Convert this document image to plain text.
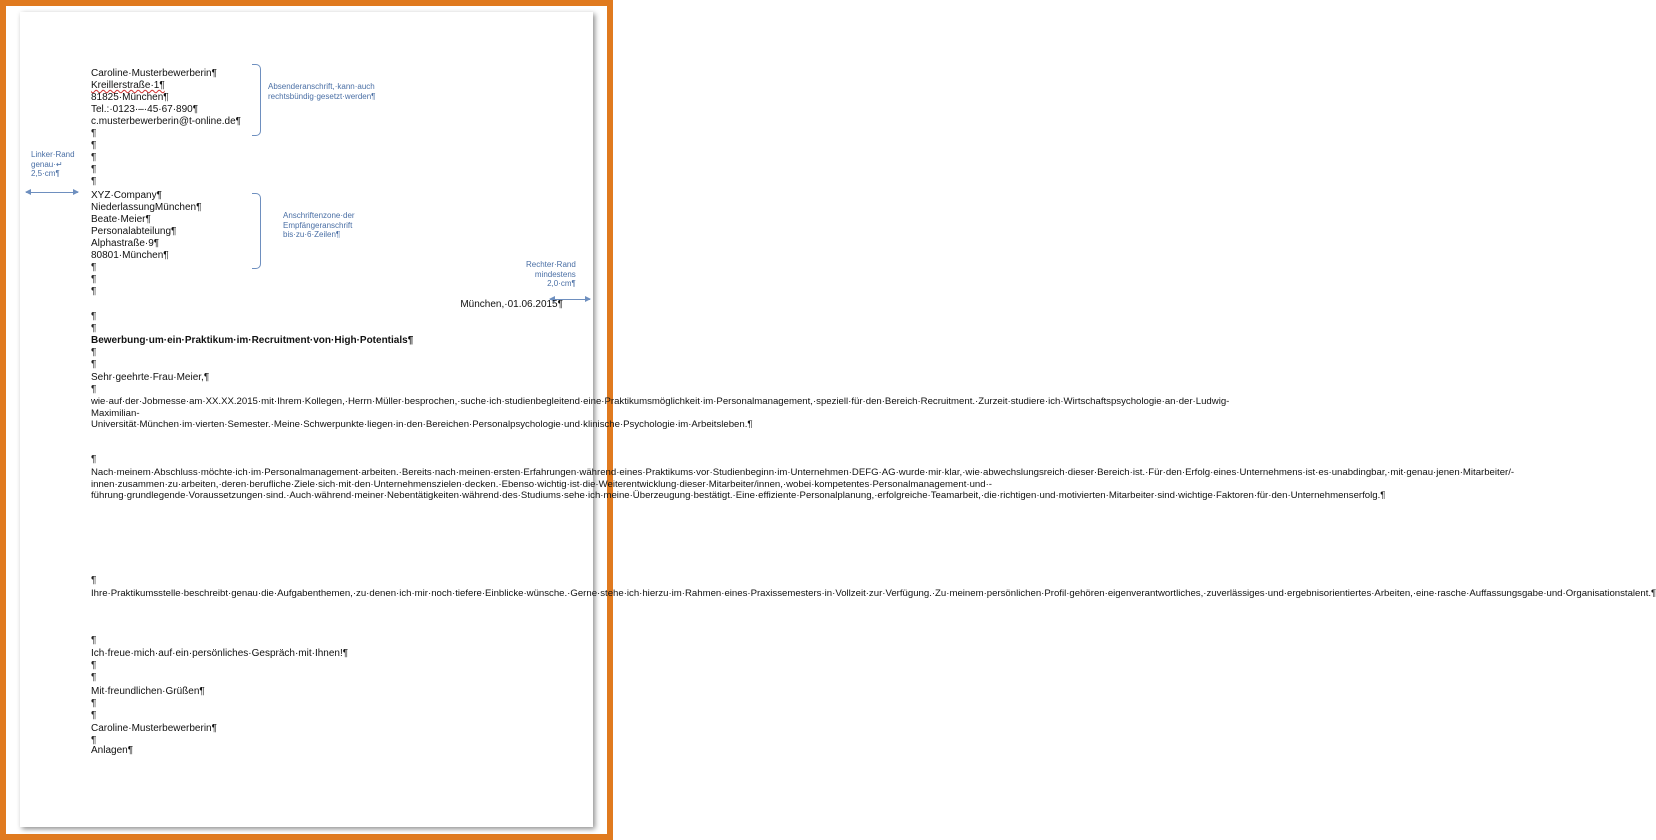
Linker·Rand
genau·↵
2,5·cm¶
Rechter·Rand
mindestens
2,0·cm¶
Absenderanschrift,·kann·auch
rechtsbündig·gesetzt·werden¶
Anschriftenzone·der
Empfängeranschrift
bis·zu·6·Zeilen¶
Caroline·Musterbewerberin¶
Kreillerstraße·1¶
81825·München¶
Tel.:·0123·–·45·67·890¶
c.musterbewerberin@t-online.de¶
¶
¶
¶
¶
¶
XYZ·Company¶
NiederlassungMünchen¶
Beate·Meier¶
Personalabteilung¶
Alphastraße·9¶
80801·München¶
¶
¶
¶
München,·01.06.2015¶
¶
¶
Bewerbung·um·ein·Praktikum·im·Recruitment·von·High·Potentials¶
¶
¶
Sehr·geehrte·Frau·Meier,¶
¶
wie·auf·der·Jobmesse·am·XX.XX.2015·mit·Ihrem·Kollegen,·Herrn·Müller·besprochen,·suche·ich·studienbegleitend·eine·Praktikumsmöglichkeit·im·Personalmanagement,·speziell·für·den·Bereich·Recruitment.·Zurzeit·studiere·ich·Wirtschaftspsychologie·an·der·Ludwig-Maximilian-Universität·München·im·vierten·Semester.·Meine·Schwerpunkte·liegen·in·den·Bereichen·Personalpsychologie·und·klinische·Psychologie·im·Arbeitsleben.¶
¶
Nach·meinem·Abschluss·möchte·ich·im·Personalmanagement·arbeiten.·Bereits·nach·meinen·ersten·Erfahrungen·während·eines·Praktikums·vor·Studienbeginn·im·Unternehmen·DEFG·AG·wurde·mir·klar,·wie·abwechslungsreich·dieser·Bereich·ist.·Für·den·Erfolg·eines·Unternehmens·ist·es·unabdingbar,·mit·genau·jenen·Mitarbeiter/-innen·zusammen·zu·arbeiten,·deren·berufliche·Ziele·sich·mit·den·Unternehmenszielen·decken.·Ebenso·wichtig·ist·die·Weiterentwicklung·dieser·Mitarbeiter/innen,·wobei·kompetentes·Personalmanagement·und·-führung·grundlegende·Voraussetzungen·sind.·Auch·während·meiner·Nebentätigkeiten·während·des·Studiums·sehe·ich·meine·Überzeugung·bestätigt.·Eine·effiziente·Personalplanung,·erfolgreiche·Teamarbeit,·die·richtigen·und·motivierten·Mitarbeiter·sind·wichtige·Faktoren·für·den·Unternehmenserfolg.¶
¶
Ihre·Praktikumsstelle·beschreibt·genau·die·Aufgabenthemen,·zu·denen·ich·mir·noch·tiefere·Einblicke·wünsche.·Gerne·stehe·ich·hierzu·im·Rahmen·eines·Praxissemesters·in·Vollzeit·zur·Verfügung.·Zu·meinem·persönlichen·Profil·gehören·eigenverantwortliches,·zuverlässiges·und·ergebnisorientiertes·Arbeiten,·eine·rasche·Auffassungsgabe·und·Organisationstalent.¶
¶
Ich·freue·mich·auf·ein·persönliches·Gespräch·mit·Ihnen!¶
¶
¶
Mit·freundlichen·Grüßen¶
¶
¶
Caroline·Musterbewerberin¶
¶
Anlagen¶
